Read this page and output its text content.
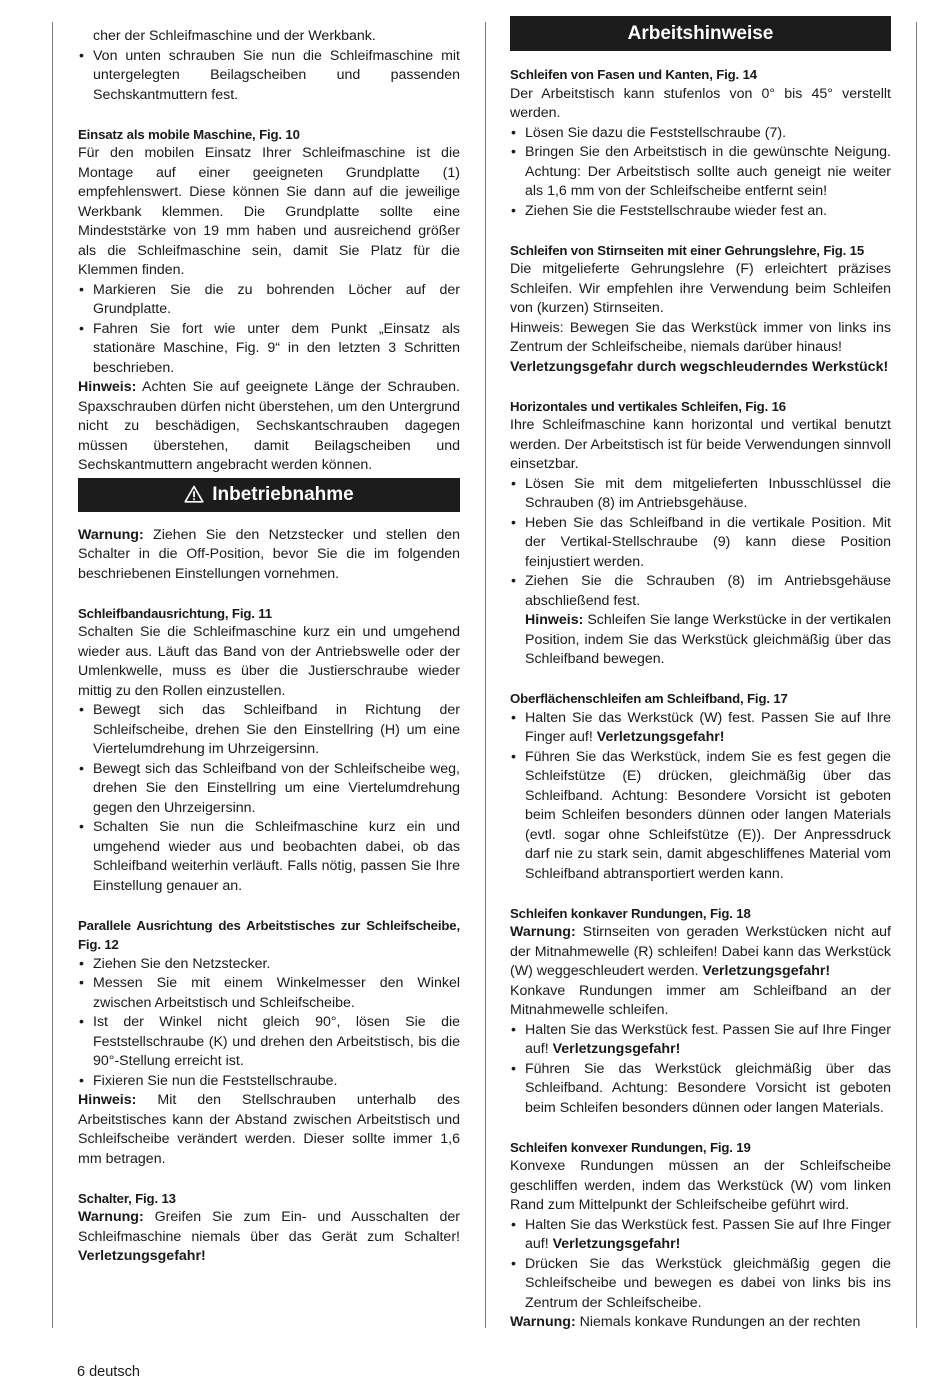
cher der Schleifmaschine und der Werkbank.

• Von unten schrauben Sie nun die Schleifmaschine mit untergelegten Beilagscheiben und passenden Sechskantmuttern fest.

Einsatz als mobile Maschine, Fig. 10

Für den mobilen Einsatz Ihrer Schleifmaschine ist die Montage auf einer geeigneten Grundplatte (1) empfehlenswert. Diese können Sie dann auf die jeweilige Werkbank klemmen. Die Grundplatte sollte eine Mindeststärke von 19 mm haben und ausreichend größer als die Schleifmaschine sein, damit Sie Platz für die Klemmen finden.

• Markieren Sie die zu bohrenden Löcher auf der Grundplatte.
• Fahren Sie fort wie unter dem Punkt „Einsatz als stationäre Maschine, Fig. 9“ in den letzten 3 Schritten beschrieben.

Hinweis: Achten Sie auf geeignete Länge der Schrauben. Spaxschrauben dürfen nicht überstehen, um den Untergrund nicht zu beschädigen, Sechskantschrauben dagegen müssen überstehen, damit Beilagscheiben und Sechskantmuttern angebracht werden können.

Inbetriebnahme

Warnung: Ziehen Sie den Netzstecker und stellen den Schalter in die Off-Position, bevor Sie die im folgenden beschriebenen Einstellungen vornehmen.

Schleifbandausrichtung, Fig. 11

Schalten Sie die Schleifmaschine kurz ein und umgehend wieder aus. Läuft das Band von der Antriebswelle oder der Umlenkwelle, muss es über die Justierschraube wieder mittig zu den Rollen einzustellen.

• Bewegt sich das Schleifband in Richtung der Schleifscheibe, drehen Sie den Einstellring (H) um eine Viertelumdrehung im Uhrzeigersinn.
• Bewegt sich das Schleifband von der Schleifscheibe weg, drehen Sie den Einstellring um eine Viertelumdrehung gegen den Uhrzeigersinn.
• Schalten Sie nun die Schleifmaschine kurz ein und umgehend wieder aus und beobachten dabei, ob das Schleifband weiterhin verläuft. Falls nötig, passen Sie Ihre Einstellung genauer an.

Parallele Ausrichtung des Arbeitstisches zur Schleifscheibe, Fig. 12

• Ziehen Sie den Netzstecker.
• Messen Sie mit einem Winkelmesser den Winkel zwischen Arbeitstisch und Schleifscheibe.
• Ist der Winkel nicht gleich 90°, lösen Sie die Feststellschraube (K) und drehen den Arbeitstisch, bis die 90°-Stellung erreicht ist.
• Fixieren Sie nun die Feststellschraube.

Hinweis: Mit den Stellschrauben unterhalb des Arbeitstisches kann der Abstand zwischen Arbeitstisch und Schleifscheibe verändert werden. Dieser sollte immer 1,6 mm betragen.

Schalter, Fig. 13

Warnung: Greifen Sie zum Ein- und Ausschalten der Schleifmaschine niemals über das Gerät zum Schalter! Verletzungsgefahr!

Arbeitshinweise

Schleifen von Fasen und Kanten, Fig. 14

Der Arbeitstisch kann stufenlos von 0° bis 45° verstellt werden.

• Lösen Sie dazu die Feststellschraube (7).
• Bringen Sie den Arbeitstisch in die gewünschte Neigung. Achtung: Der Arbeitstisch sollte auch geneigt nie weiter als 1,6 mm von der Schleifscheibe entfernt sein!
• Ziehen Sie die Feststellschraube wieder fest an.

Schleifen von Stirnseiten mit einer Gehrungslehre, Fig. 15

Die mitgelieferte Gehrungslehre (F) erleichtert präzises Schleifen. Wir empfehlen ihre Verwendung beim Schleifen von (kurzen) Stirnseiten.

Hinweis: Bewegen Sie das Werkstück immer von links ins Zentrum der Schleifscheibe, niemals darüber hinaus!

Verletzungsgefahr durch wegschleuderndes Werkstück!

Horizontales und vertikales Schleifen, Fig. 16

Ihre Schleifmaschine kann horizontal und vertikal benutzt werden. Der Arbeitstisch ist für beide Verwendungen sinnvoll einsetzbar.

• Lösen Sie mit dem mitgelieferten Inbusschlüssel die Schrauben (8) im Antriebsgehäuse.
• Heben Sie das Schleifband in die vertikale Position. Mit der Vertikal-Stellschraube (9) kann diese Position feinjustiert werden.
• Ziehen Sie die Schrauben (8) im Antriebsgehäuse abschließend fest.

Hinweis: Schleifen Sie lange Werkstücke in der vertikalen Position, indem Sie das Werkstück gleichmäßig über das Schleifband bewegen.

Oberflächenschleifen am Schleifband, Fig. 17

• Halten Sie das Werkstück (W) fest. Passen Sie auf Ihre Finger auf! Verletzungsgefahr!
• Führen Sie das Werkstück, indem Sie es fest gegen die Schleifstütze (E) drücken, gleichmäßig über das Schleifband. Achtung: Besondere Vorsicht ist geboten beim Schleifen besonders dünnen oder langen Materials (evtl. sogar ohne Schleifstütze (E)). Der Anpressdruck darf nie zu stark sein, damit abgeschliffenes Material vom Schleifband abtransportiert werden kann.

Schleifen konkaver Rundungen, Fig. 18

Warnung: Stirnseiten von geraden Werkstücken nicht auf der Mitnahmewelle (R) schleifen! Dabei kann das Werkstück (W) weggeschleudert werden. Verletzungsgefahr!

Konkave Rundungen immer am Schleifband an der Mitnahmewelle schleifen.

• Halten Sie das Werkstück fest. Passen Sie auf Ihre Finger auf! Verletzungsgefahr!
• Führen Sie das Werkstück gleichmäßig über das Schleifband. Achtung: Besondere Vorsicht ist geboten beim Schleifen besonders dünnen oder langen Materials.

Schleifen konvexer Rundungen, Fig. 19

Konvexe Rundungen müssen an der Schleifscheibe geschliffen werden, indem das Werkstück (W) vom linken Rand zum Mittelpunkt der Schleifscheibe geführt wird.

• Halten Sie das Werkstück fest. Passen Sie auf Ihre Finger auf! Verletzungsgefahr!
• Drücken Sie das Werkstück gleichmäßig gegen die Schleifscheibe und bewegen es dabei von links bis ins Zentrum der Schleifscheibe.

Warnung: Niemals konkave Rundungen an der rechten

6 deutsch
